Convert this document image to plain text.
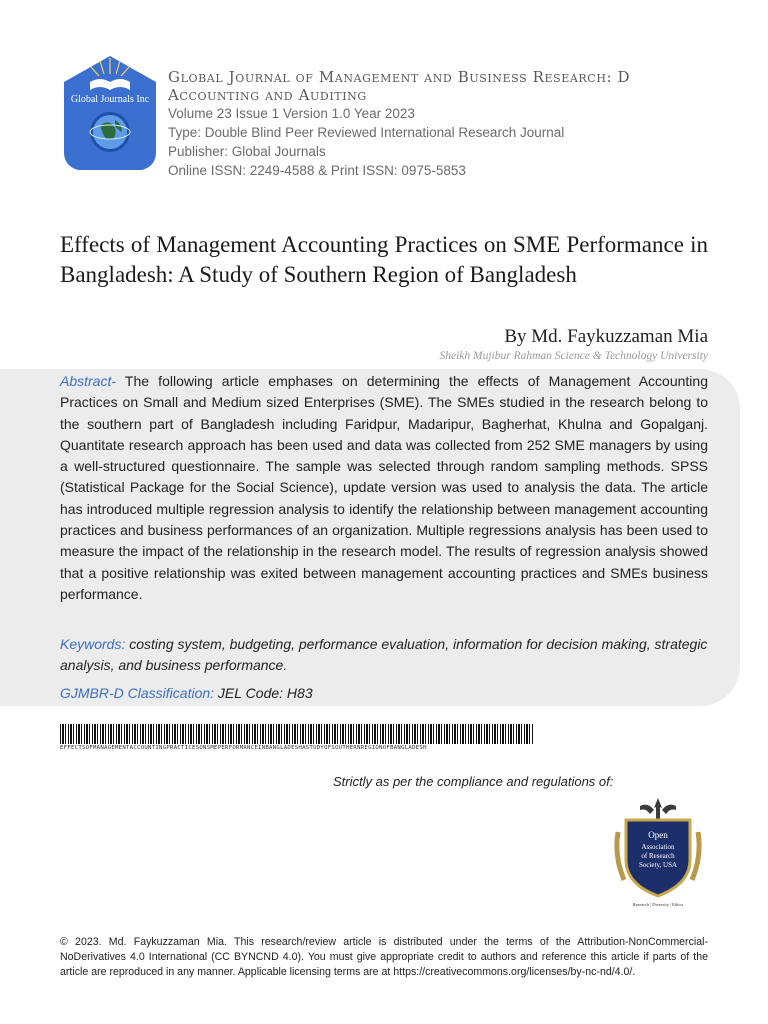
Global Journals Inc
Global Journal of Management and Business Research: D
Accounting and Auditing
Volume 23 Issue 1 Version 1.0 Year 2023
Type: Double Blind Peer Reviewed International Research Journal
Publisher: Global Journals
Online ISSN: 2249-4588 & Print ISSN: 0975-5853
Effects of Management Accounting Practices on SME Performance in Bangladesh: A Study of Southern Region of Bangladesh
By Md. Faykuzzaman Mia
Sheikh Mujibur Rahman Science & Technology University
Abstract- The following article emphases on determining the effects of Management Accounting Practices on Small and Medium sized Enterprises (SME). The SMEs studied in the research belong to the southern part of Bangladesh including Faridpur, Madaripur, Bagherhat, Khulna and Gopalganj. Quantitate research approach has been used and data was collected from 252 SME managers by using a well-structured questionnaire. The sample was selected through random sampling methods. SPSS (Statistical Package for the Social Science), update version was used to analysis the data. The article has introduced multiple regression analysis to identify the relationship between management accounting practices and business performances of an organization. Multiple regressions analysis has been used to measure the impact of the relationship in the research model. The results of regression analysis showed that a positive relationship was exited between management accounting practices and SMEs business performance.
Keywords: costing system, budgeting, performance evaluation, information for decision making, strategic analysis, and business performance.
GJMBR-D Classification: JEL Code: H83
EFFECTSOFMANAGEMENTACCOUNTINGPRACTICESONSMEPERFORMANCEINBANGLADESHASTUDYOFSOUTHERNREGIONOFBANGLADESH
Strictly as per the compliance and regulations of:
Open
Association
of Research
Society, USA
Research | Diversity | Ethics
© 2023. Md. Faykuzzaman Mia. This research/review article is distributed under the terms of the Attribution-NonCommercial-NoDerivatives 4.0 International (CC BYNCND 4.0). You must give appropriate credit to authors and reference this article if parts of the article are reproduced in any manner. Applicable licensing terms are at https://creativecommons.org/licenses/by-nc-nd/4.0/.
